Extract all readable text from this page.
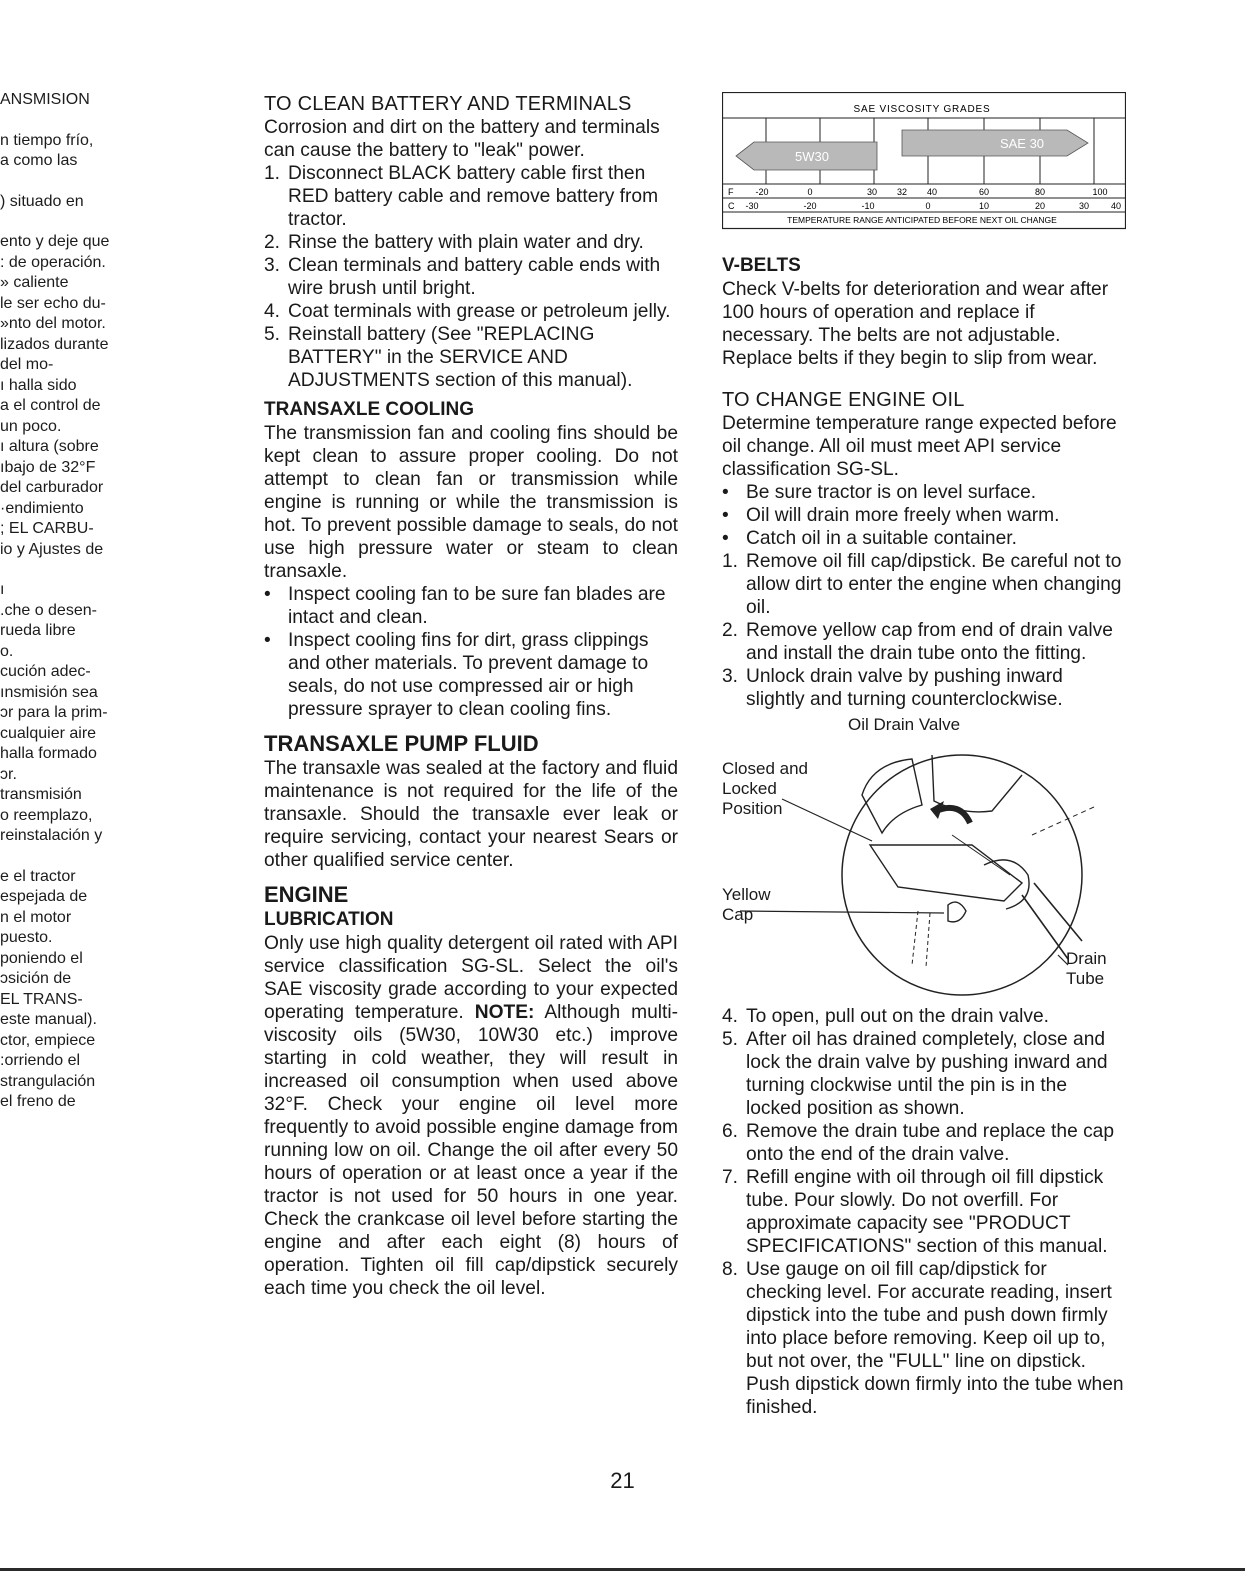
ANSMISION
n tiempo frío,
a como las
) situado en
ento y deje que
: de operación.
» caliente
le ser echo du-
»nto del motor.
lizados durante
del mo-
ı halla sido
a el control de
un poco.
ı altura (sobre
ıbajo de 32°F
del carburador
·endimiento
; EL CARBU-
io y Ajustes de
ı
.che o desen-
rueda libre
o.
cución adec-
ınsmisión sea
ɔr para la prim-
cualquier aire
halla formado
ɔr.
transmisión
o reemplazo,
reinstalación y
e el tractor
espejada de
n el motor
puesto.
poniendo el
ɔsición de
EL TRANS-
este manual).
ctor, empiece
:orriendo el
strangulación
el freno de
TO CLEAN BATTERY AND TERMINALS
Corrosion and dirt on the battery and terminals can cause the battery to "leak" power.
1. Disconnect BLACK battery cable first then RED battery cable and remove battery from tractor.
2. Rinse the battery with plain water and dry.
3. Clean terminals and battery cable ends with wire brush until bright.
4. Coat terminals with grease or petroleum jelly.
5. Reinstall battery (See "REPLACING BATTERY" in the SERVICE AND ADJUSTMENTS section of this manual).
TRANSAXLE COOLING
The transmission fan and cooling fins should be kept clean to assure proper cooling. Do not attempt to clean fan or transmission while engine is running or while the transmission is hot. To prevent possible damage to seals, do not use high pressure water or steam to clean transaxle.
• Inspect cooling fan to be sure fan blades are intact and clean.
• Inspect cooling fins for dirt, grass clippings and other materials. To prevent damage to seals, do not use compressed air or high pressure sprayer to clean cooling fins.
TRANSAXLE PUMP FLUID
The transaxle was sealed at the factory and fluid maintenance is not required for the life of the transaxle. Should the transaxle ever leak or require servicing, contact your nearest Sears or other qualified service center.
ENGINE
LUBRICATION
Only use high quality detergent oil rated with API service classification SG-SL. Select the oil's SAE viscosity grade according to your expected operating temperature. NOTE: Although multi-viscosity oils (5W30, 10W30 etc.) improve starting in cold weather, they will result in increased oil consumption when used above 32°F. Check your engine oil level more frequently to avoid possible engine damage from running low on oil. Change the oil after every 50 hours of operation or at least once a year if the tractor is not used for 50 hours in one year. Check the crankcase oil level before starting the engine and after each eight (8) hours of operation. Tighten oil fill cap/dipstick securely each time you check the oil level.
SAE VISCOSITY GRADES
5W30
SAE 30
F -20	0	30 32 40	60	80	100
C -30	-20	-10	0	10	20	30 40
TEMPERATURE RANGE ANTICIPATED BEFORE NEXT OIL CHANGE
V-BELTS
Check V-belts for deterioration and wear after 100 hours of operation and replace if necessary. The belts are not adjustable. Replace belts if they begin to slip from wear.
TO CHANGE ENGINE OIL
Determine temperature range expected before oil change. All oil must meet API service classification SG-SL.
• Be sure tractor is on level surface.
• Oil will drain more freely when warm.
• Catch oil in a suitable container.
1. Remove oil fill cap/dipstick. Be careful not to allow dirt to enter the engine when changing oil.
2. Remove yellow cap from end of drain valve and install the drain tube onto the fitting.
3. Unlock drain valve by pushing inward slightly and turning counterclockwise.
Oil Drain Valve
Closed and Locked Position
Yellow Cap
Drain Tube
4. To open, pull out on the drain valve.
5. After oil has drained completely, close and lock the drain valve by pushing inward and turning clockwise until the pin is in the locked position as shown.
6. Remove the drain tube and replace the cap onto the end of the drain valve.
7. Refill engine with oil through oil fill dipstick tube. Pour slowly. Do not overfill. For approximate capacity see "PRODUCT SPECIFICATIONS" section of this manual.
8. Use gauge on oil fill cap/dipstick for checking level. For accurate reading, insert dipstick into the tube and push down firmly into place before removing. Keep oil up to, but not over, the "FULL" line on dipstick. Push dipstick down firmly into the tube when finished.
21
